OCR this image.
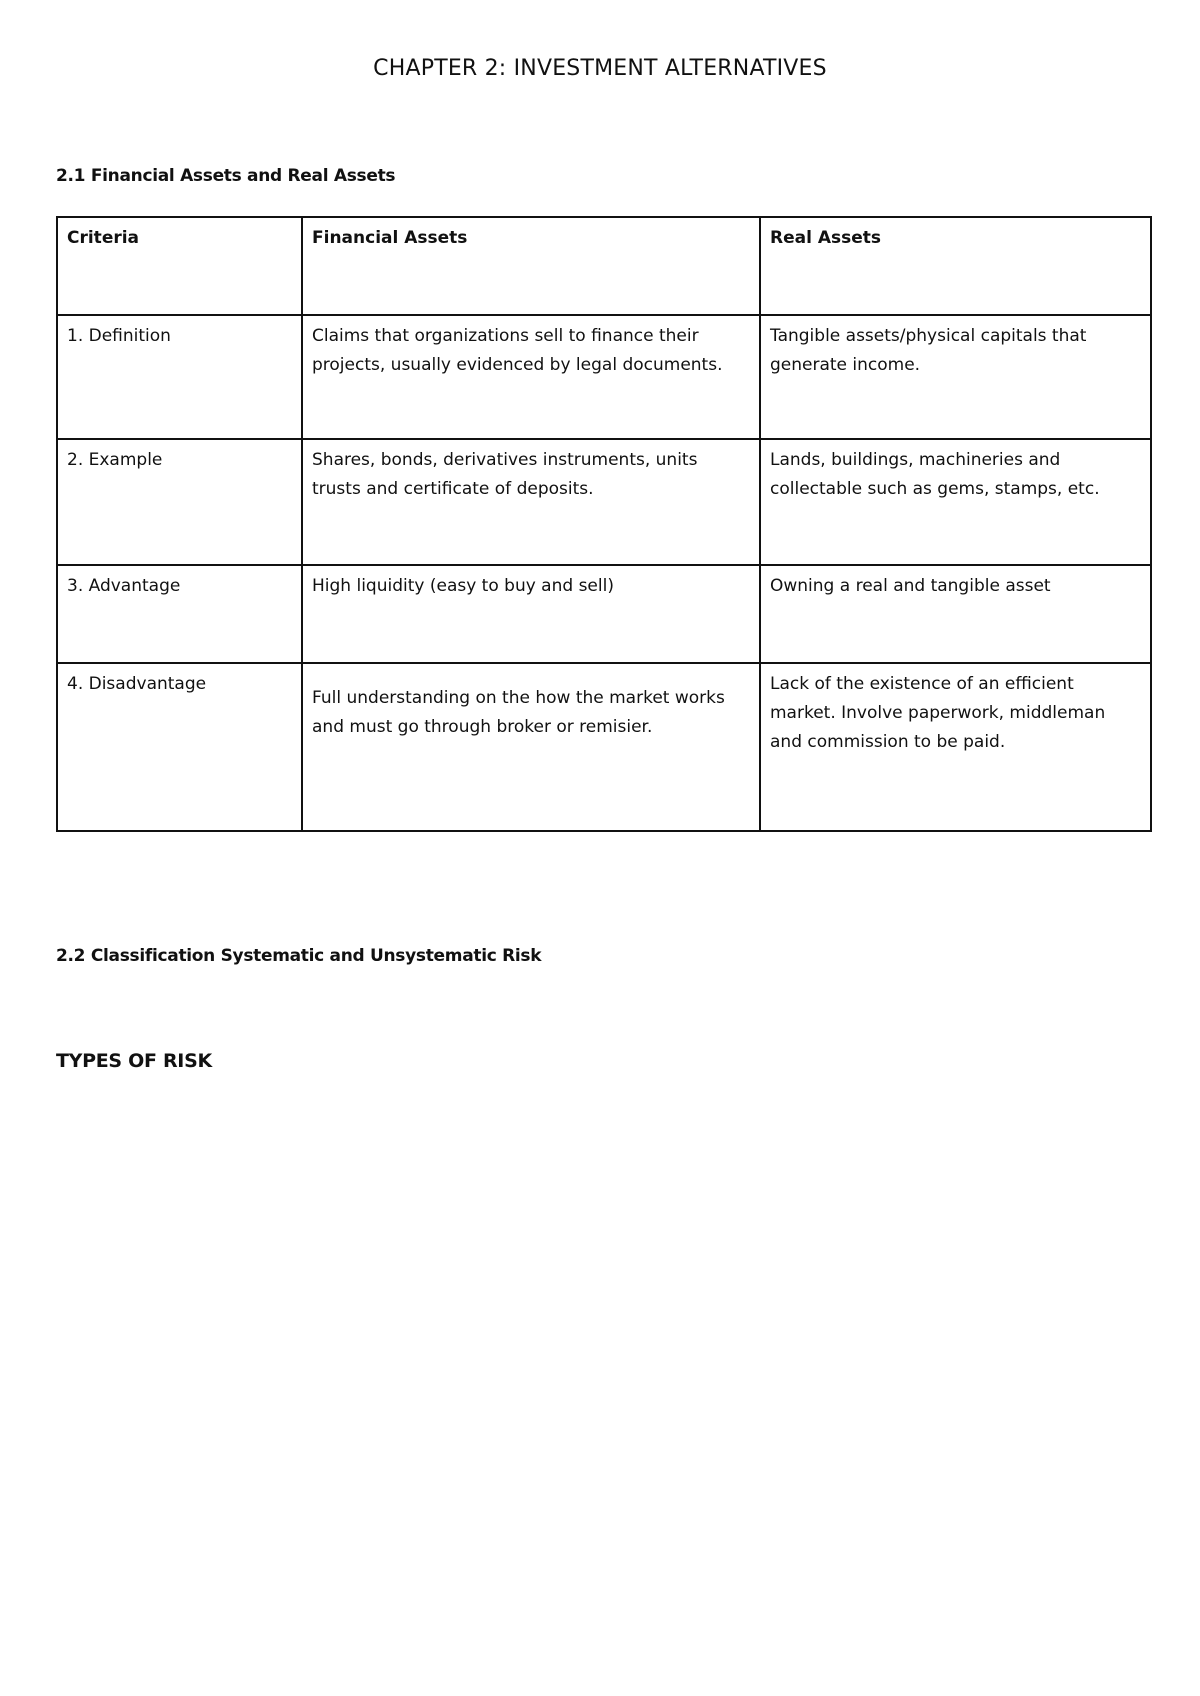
CHAPTER 2: INVESTMENT ALTERNATIVES
2.1 Financial Assets and Real Assets
Criteria	Financial Assets	Real Assets
1. Definition	Claims that organizations sell to finance their projects, usually evidenced by legal documents.	Tangible assets/physical capitals that generate income.
2. Example	Shares, bonds, derivatives instruments, units trusts and certificate of deposits.	Lands, buildings, machineries and collectable such as gems, stamps, etc.
3. Advantage	High liquidity (easy to buy and sell)	Owning a real and tangible asset
4. Disadvantage	Full understanding on the how the market works and must go through broker or remisier.	Lack of the existence of an efficient market. Involve paperwork, middleman and commission to be paid.
2.2 Classification Systematic and Unsystematic Risk
TYPES OF RISK
